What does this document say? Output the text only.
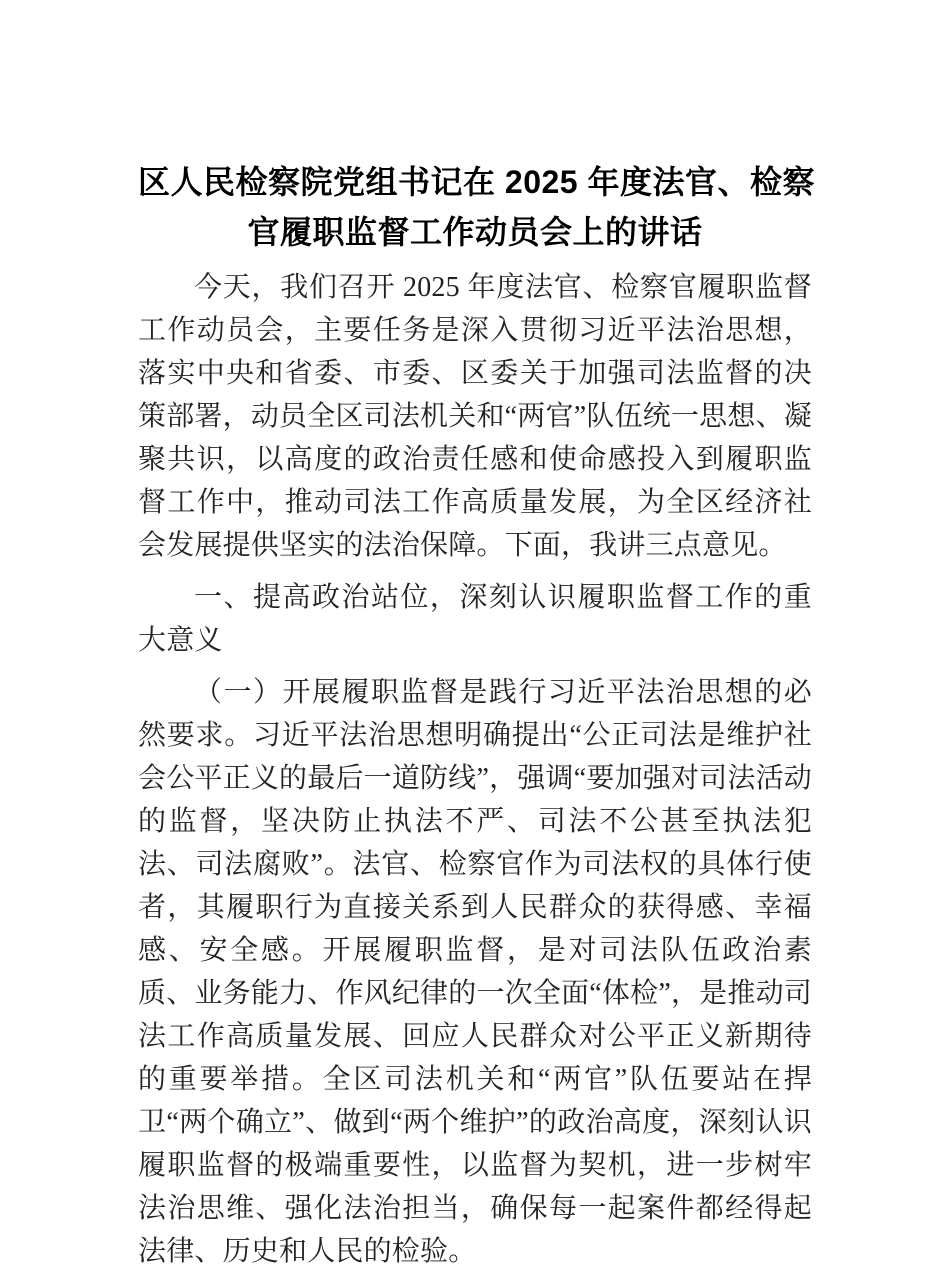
区人民检察院党组书记在 2025 年度法官、检察
官履职监督工作动员会上的讲话

今天，我们召开 2025 年度法官、检察官履职监督工作动员会，主要任务是深入贯彻习近平法治思想，落实中央和省委、市委、区委关于加强司法监督的决策部署，动员全区司法机关和“两官”队伍统一思想、凝聚共识，以高度的政治责任感和使命感投入到履职监督工作中，推动司法工作高质量发展，为全区经济社会发展提供坚实的法治保障。下面，我讲三点意见。

一、提高政治站位，深刻认识履职监督工作的重大意义

（一）开展履职监督是践行习近平法治思想的必然要求。习近平法治思想明确提出“公正司法是维护社会公平正义的最后一道防线”，强调“要加强对司法活动的监督，坚决防止执法不严、司法不公甚至执法犯法、司法腐败”。法官、检察官作为司法权的具体行使者，其履职行为直接关系到人民群众的获得感、幸福感、安全感。开展履职监督，是对司法队伍政治素质、业务能力、作风纪律的一次全面“体检”，是推动司法工作高质量发展、回应人民群众对公平正义新期待的重要举措。全区司法机关和“两官”队伍要站在捍卫“两个确立”、做到“两个维护”的政治高度，深刻认识履职监督的极端重要性，以监督为契机，进一步树牢法治思维、强化法治担当，确保每一起案件都经得起法律、历史和人民的检验。
